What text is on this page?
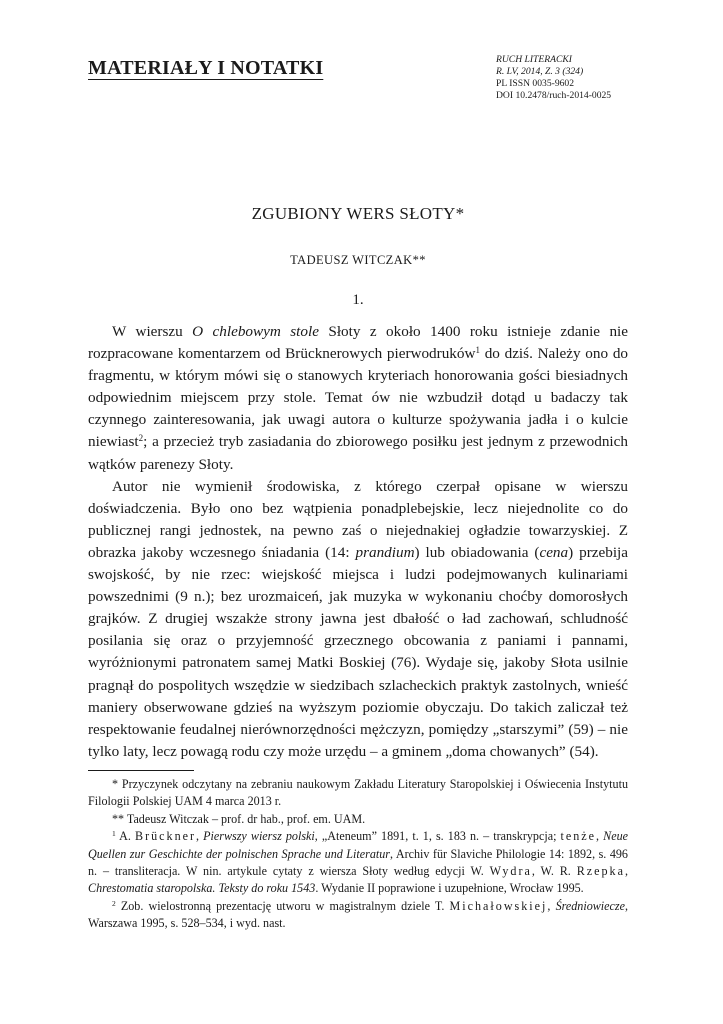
MATERIAŁY I NOTATKI	RUCH LITERACKI
R. LV, 2014, Z. 3 (324)
PL ISSN 0035-9602
DOI 10.2478/ruch-2014-0025
ZGUBIONY WERS SŁOTY*
TADEUSZ WITCZAK**
1.

W wierszu O chlebowym stole Słoty z około 1400 roku istnieje zdanie nie rozpracowane komentarzem od Brücknerowych pierwodruków$^1$ do dziś. Należy ono do fragmentu, w którym mówi się o stanowych kryteriach honorowania gości biesiadnych odpowiednim miejscem przy stole. Temat ów nie wzbudził dotąd u badaczy tak czynnego zainteresowania, jak uwagi autora o kulturze spożywania jadła i o kulcie niewiast$^2$; a przecież tryb zasiadania do zbiorowego posiłku jest jednym z przewodnich wątków parenezy Słoty.

Autor nie wymienił środowiska, z którego czerpał opisane w wierszu doświadczenia. Było ono bez wątpienia ponadplebejskie, lecz niejednolite co do publicznej rangi jednostek, na pewno zaś o niejednakiej ogładzie towarzyskiej. Z obrazka jakoby wczesnego śniadania (14: prandium) lub obiadowania (cena) przebija swojskość, by nie rzec: wiejskość miejsca i ludzi podejmowanych kulinariami powszednimi (9 n.); bez urozmaiceń, jak muzyka w wykonaniu choćby domorosłych grajków. Z drugiej wszakże strony jawna jest dbałość o ład zachowań, schludność posilania się oraz o przyjemność grzecznego obcowania z paniami i pannami, wyróżnionymi patronatem samej Matki Boskiej (76). Wydaje się, jakoby Słota usilnie pragnął do pospolitych wszędzie w siedzibach szlacheckich praktyk zastolnych, wnieść maniery obserwowane gdzieś na wyższym poziomie obyczaju. Do takich zaliczał też respektowanie feudalnej nierównorzędności mężczyzn, pomiędzy „starszymi” (59) – nie tylko laty, lecz powagą rodu czy może urzędu – a gminem „doma chowanych” (54).

* Przyczynek odczytany na zebraniu naukowym Zakładu Literatury Staropolskiej i Oświecenia Instytutu Filologii Polskiej UAM 4 marca 2013 r.

** Tadeusz Witczak – prof. dr hab., prof. em. UAM.

$^1$ A. Brückner, Pierwszy wiersz polski, „Ateneum” 1891, t. 1, s. 183 n. – transkrypcja; tenże, Neue Quellen zur Geschichte der polnischen Sprache und Literatur, Archiv für Slaviche Philologie 14: 1892, s. 496 n. – transliteracja. W nin. artykule cytaty z wiersza Słoty według edycji W. Wydra, W. R. Rzepka, Chrestomatia staropolska. Teksty do roku 1543. Wydanie II poprawione i uzupełnione, Wrocław 1995.

$^2$ Zob. wielostronną prezentację utworu w magistralnym dziele T. Michałowskiej, Średniowiecze, Warszawa 1995, s. 528–534, i wyd. nast.
